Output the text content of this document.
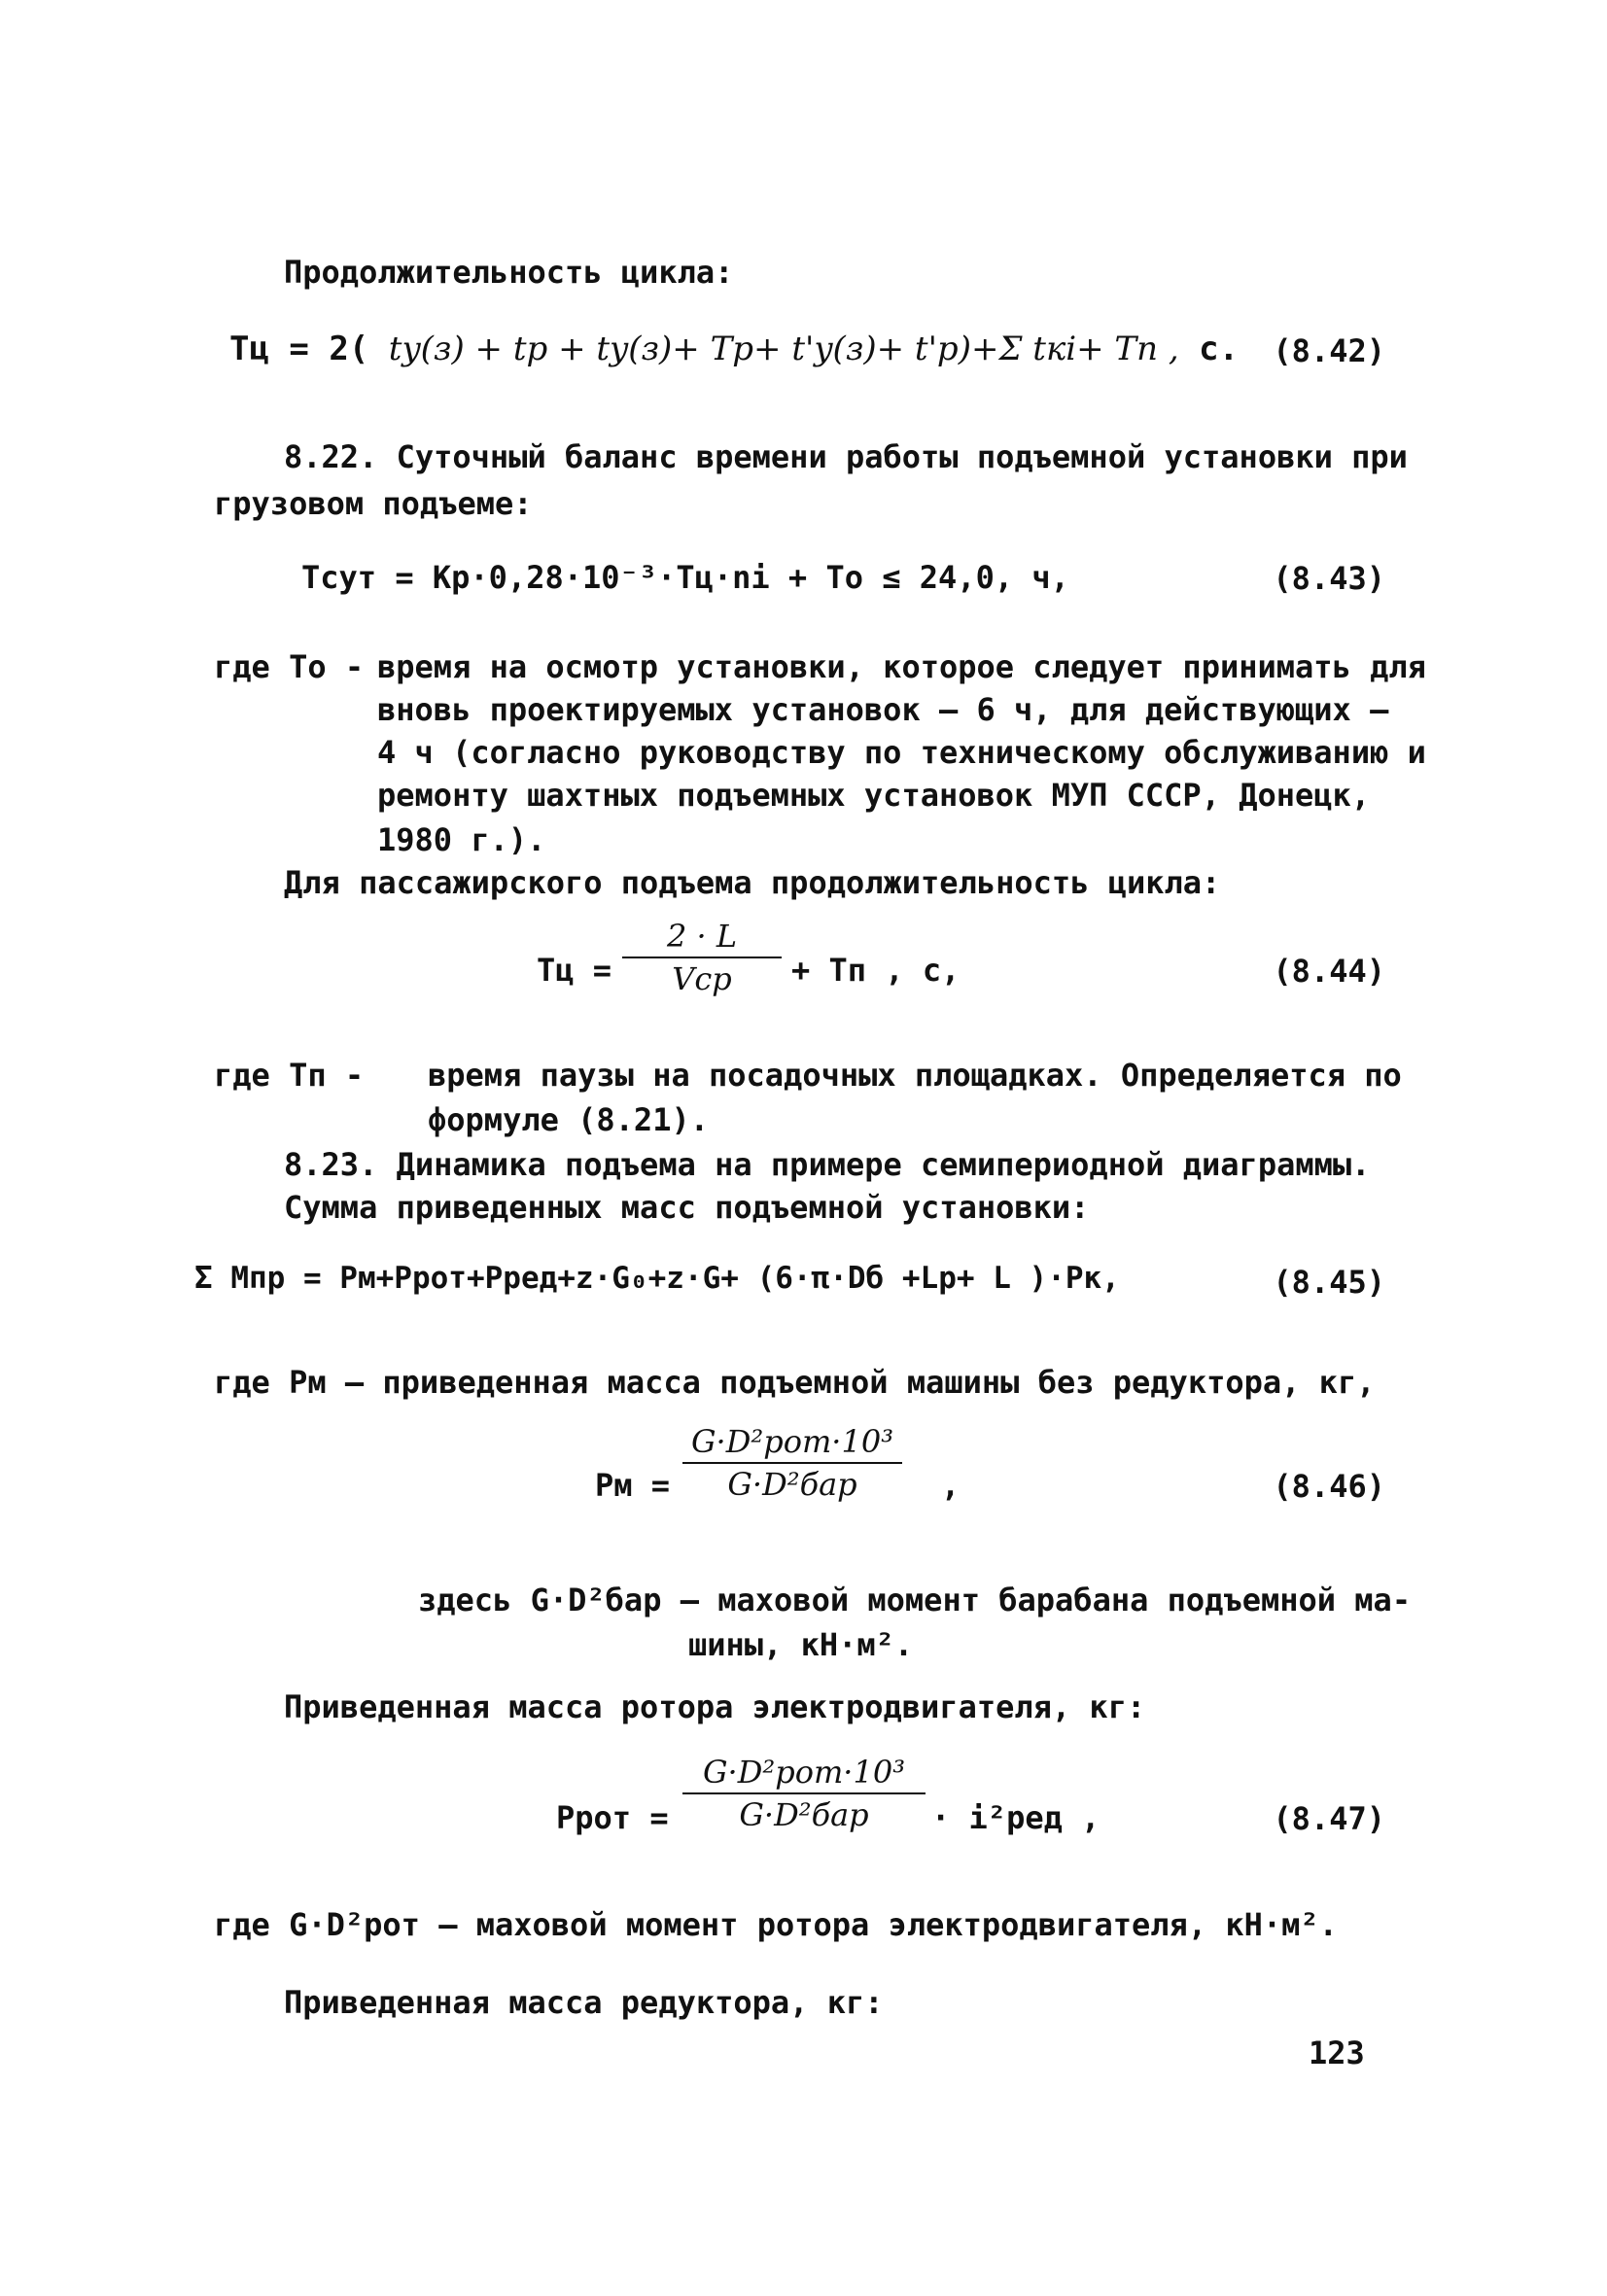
Продолжительность цикла:
Тц = 2( ty(з) + tр + ty(з)+ Тр+ t'y(з)+ t'р)+Σ tкi+ Тп , с. (8.42)
8.22. Суточный баланс времени работы подъемной установки при
грузовом подъеме:
Тсут = Кр·0,28·10⁻³·Тц·ni + То ≤ 24,0, ч,	(8.43)
где То - время на осмотр установки, которое следует принимать для
вновь проектируемых установок – 6 ч, для действующих –
4 ч (согласно руководству по техническому обслуживанию и
ремонту шахтных подъемных установок МУП СССР, Донецк,
1980 г.).
Для пассажирского подъема продолжительность цикла:
Тц =
2 · L
Vср	+ Тп , с,	(8.44)
где Тп - время паузы на посадочных площадках. Определяется по
формуле (8.21).
8.23. Динамика подъема на примере семипериодной диаграммы.
Сумма приведенных масс подъемной установки:
Σ Мпр = Рм+Ррот+Рред+z·G₀+z·G+ (6·π·Dб +Lр+ L )·Рк,	(8.45)
где Рм – приведенная масса подъемной машины без редуктора, кг,
Рм =
G·D²рот·10³
G·D²бар	,	(8.46)
здесь G·D²бар – маховой момент барабана подъемной ма-
шины, кН·м².
Приведенная масса ротора электродвигателя, кг:
Ррот =
G·D²рот·10³
G·D²бар	· i²ред ,	(8.47)
где G·D²рот – маховой момент ротора электродвигателя, кН·м².
Приведенная масса редуктора, кг:
123
